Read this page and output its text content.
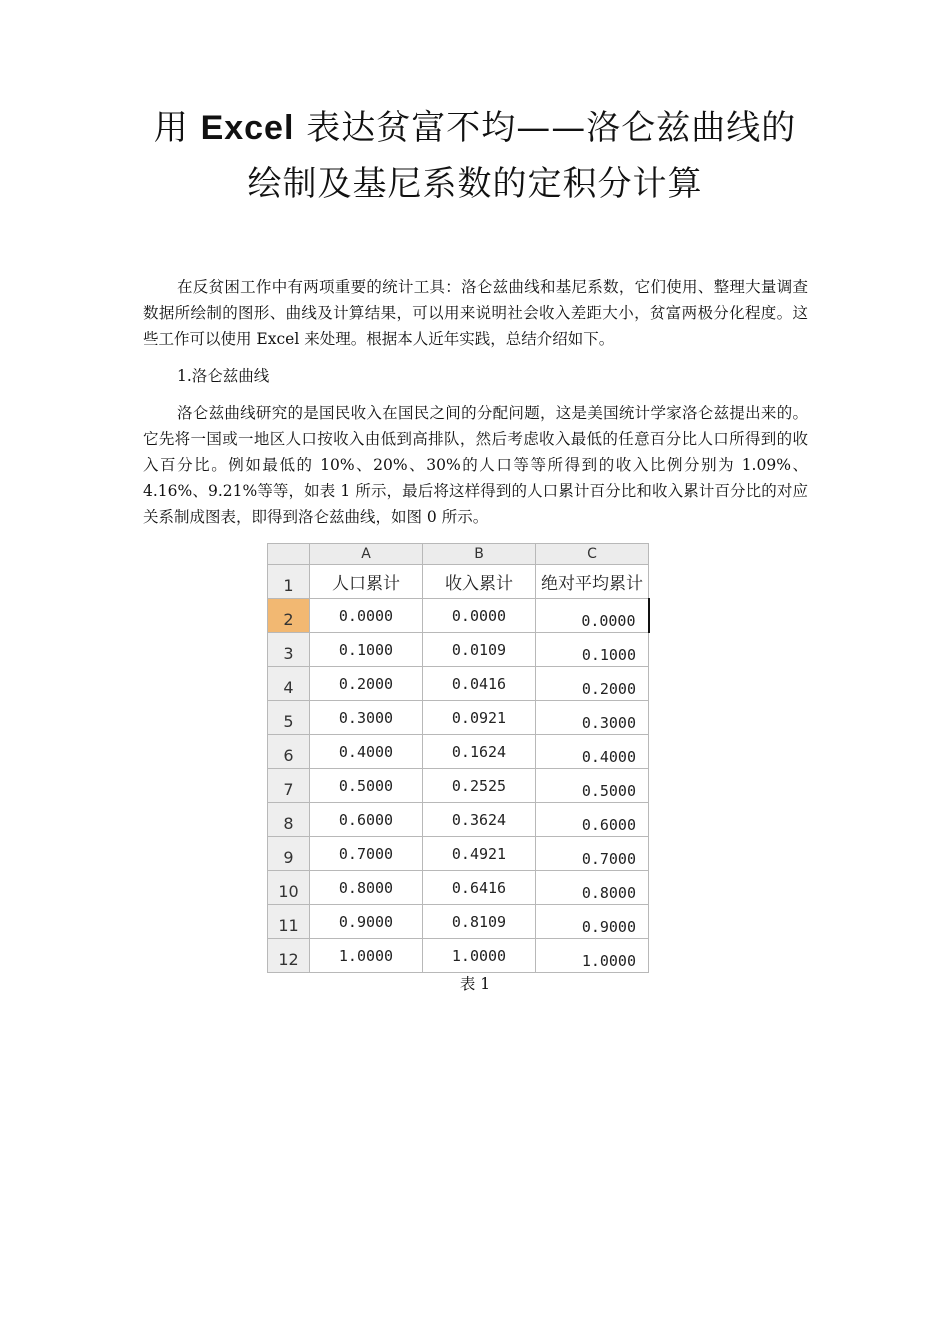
用 Excel 表达贫富不均——洛仑兹曲线的
绘制及基尼系数的定积分计算
在反贫困工作中有两项重要的统计工具：洛仑兹曲线和基尼系数，它们使用、整理大量调查数据所绘制的图形、曲线及计算结果，可以用来说明社会收入差距大小，贫富两极分化程度。这些工作可以使用 Excel 来处理。根据本人近年实践，总结介绍如下。
1.洛仑兹曲线
洛仑兹曲线研究的是国民收入在国民之间的分配问题，这是美国统计学家洛仑兹提出来的。它先将一国或一地区人口按收入由低到高排队，然后考虑收入最低的任意百分比人口所得到的收入百分比。例如最低的 10%、20%、30%的人口等等所得到的收入比例分别为 1.09%、4.16%、9.21%等等，如表 1 所示，最后将这样得到的人口累计百分比和收入累计百分比的对应关系制成图表，即得到洛仑兹曲线，如图 0 所示。
	A	B	C
1	人口累计	收入累计	绝对平均累计
2	0.0000	0.0000	0.0000
3	0.1000	0.0109	0.1000
4	0.2000	0.0416	0.2000
5	0.3000	0.0921	0.3000
6	0.4000	0.1624	0.4000
7	0.5000	0.2525	0.5000
8	0.6000	0.3624	0.6000
9	0.7000	0.4921	0.7000
10	0.8000	0.6416	0.8000
11	0.9000	0.8109	0.9000
12	1.0000	1.0000	1.0000
表 1
